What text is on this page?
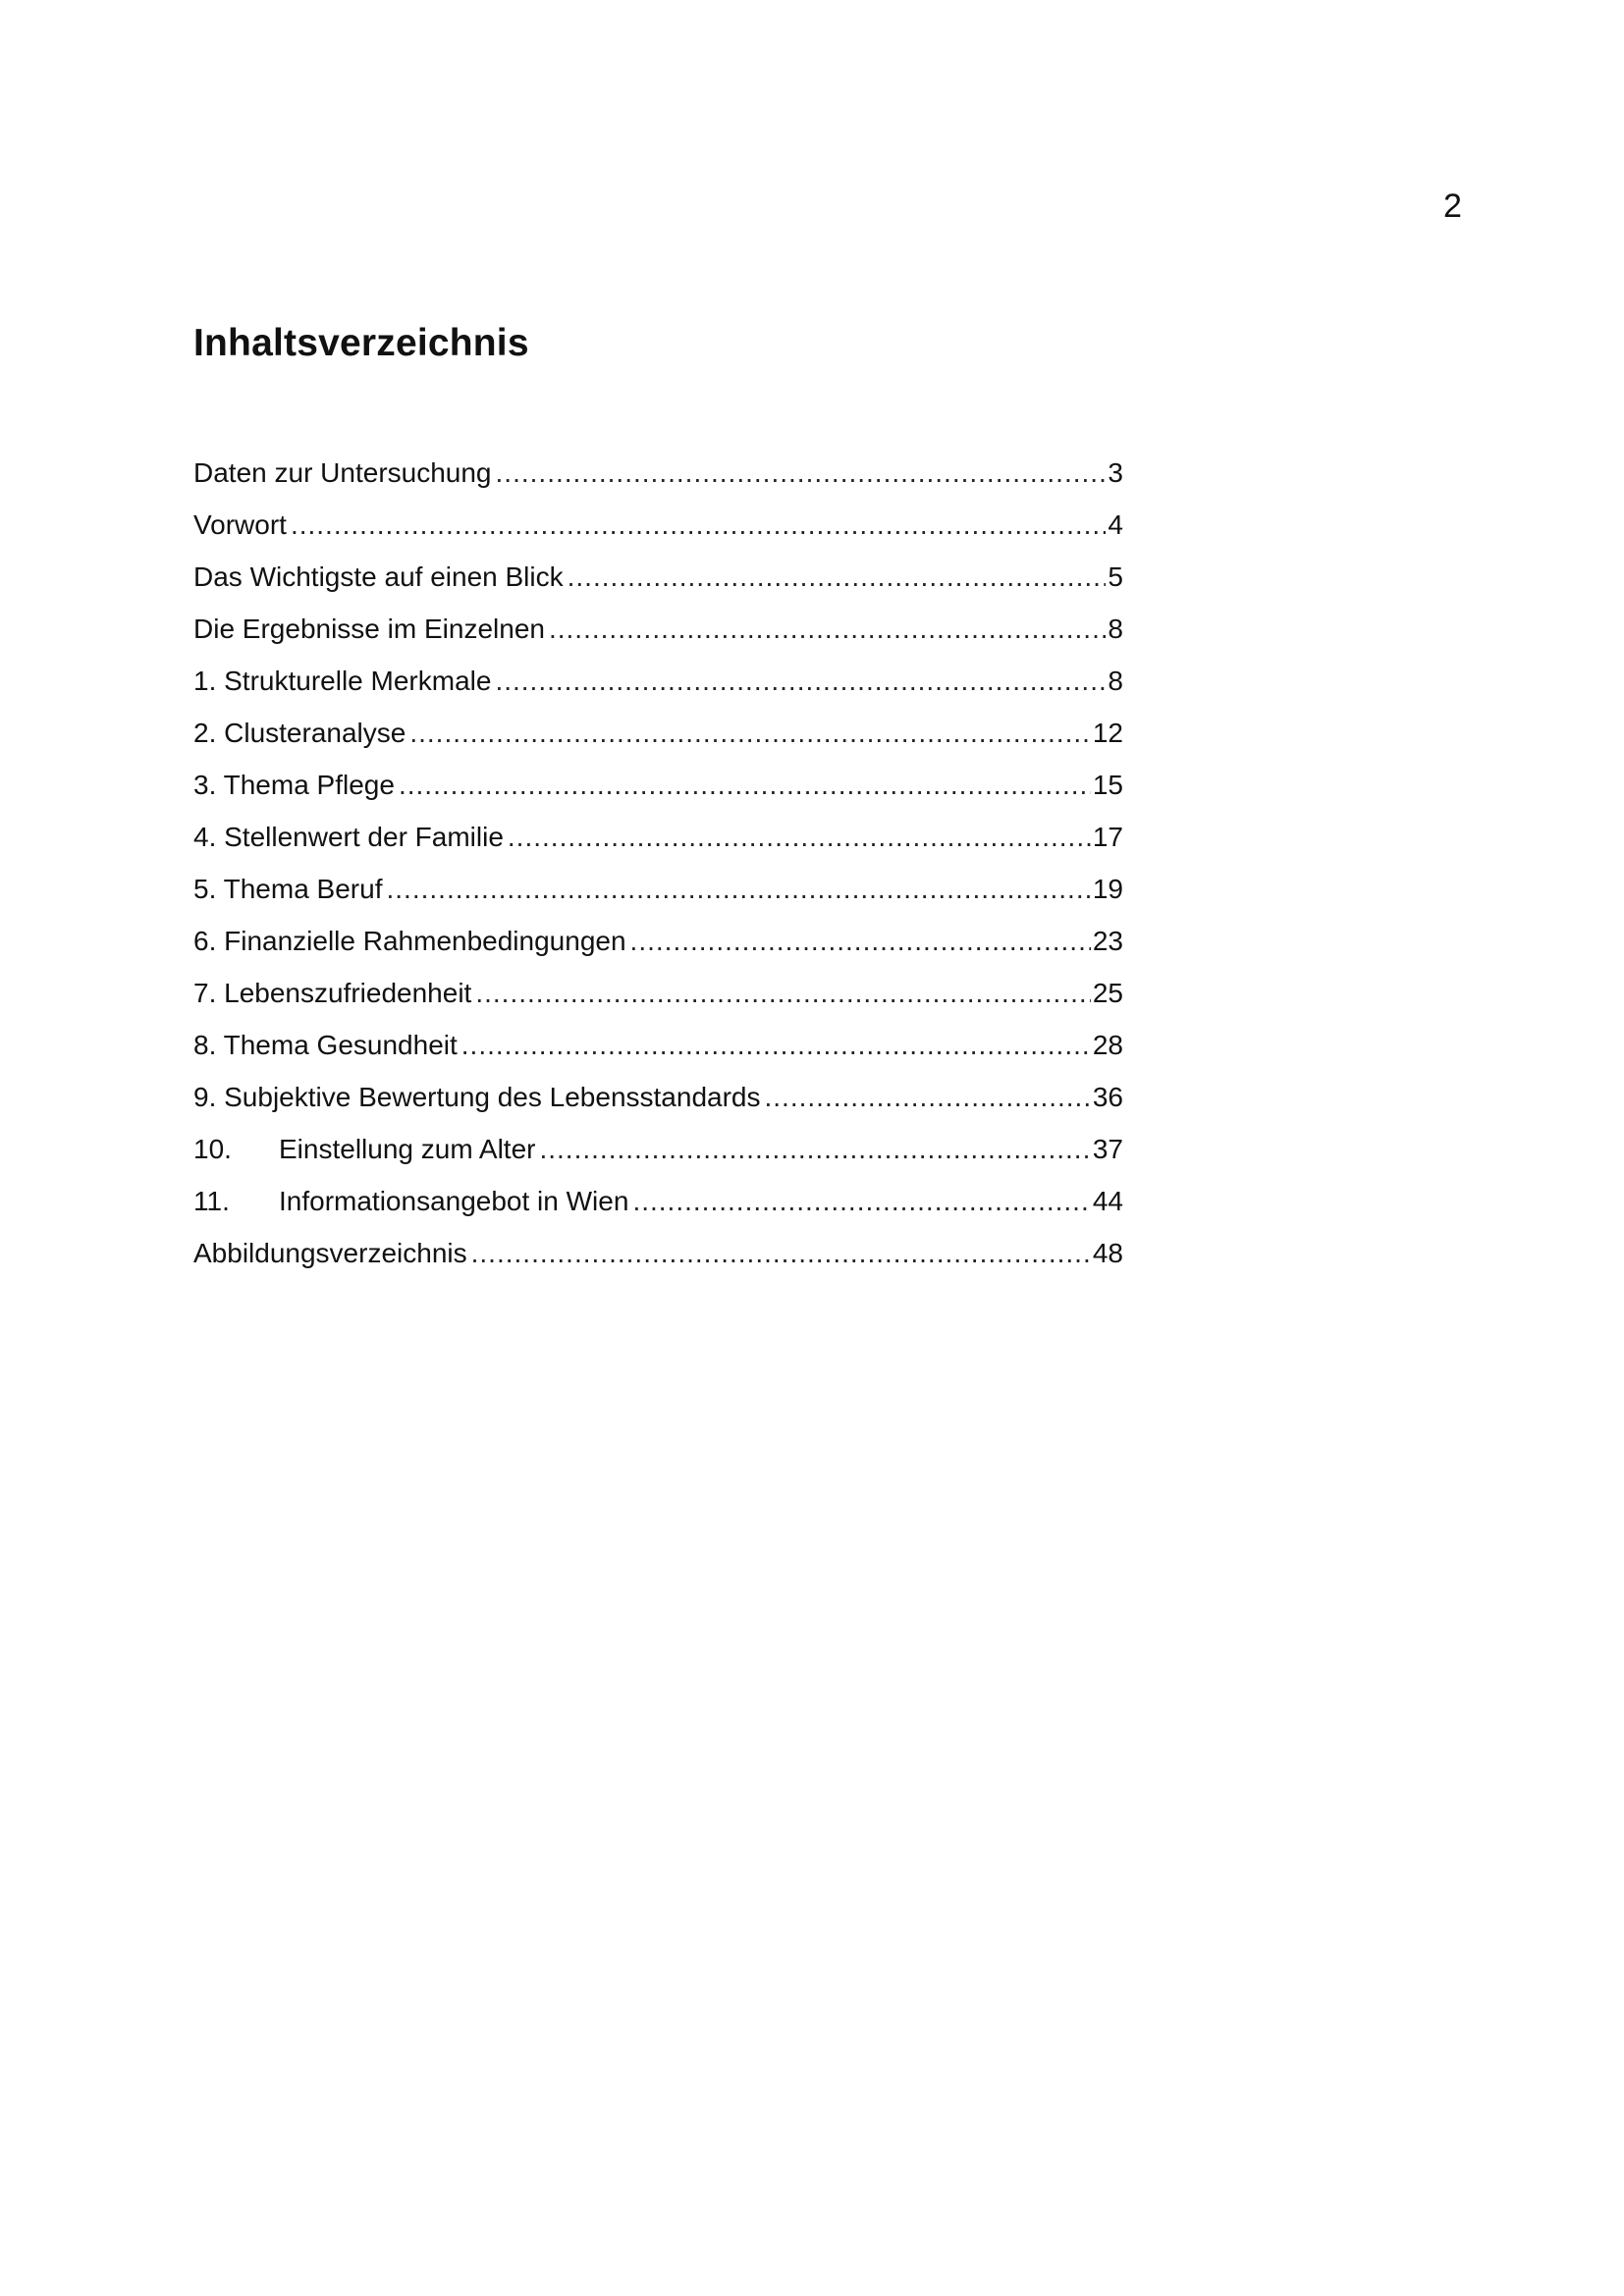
2
Inhaltsverzeichnis
Daten zur Untersuchung .....	3
Vorwort .....	4
Das Wichtigste auf einen Blick .....	5
Die Ergebnisse im Einzelnen .....	8
1. Strukturelle Merkmale .....	8
2. Clusteranalyse .....	12
3. Thema Pflege .....	15
4. Stellenwert der Familie .....	17
5. Thema Beruf .....	19
6. Finanzielle Rahmenbedingungen .....	23
7. Lebenszufriedenheit .....	25
8. Thema Gesundheit .....	28
9. Subjektive Bewertung des Lebensstandards .....	36
10.	Einstellung zum Alter .....	37
11.	Informationsangebot in Wien .....	44
Abbildungsverzeichnis .....	48
